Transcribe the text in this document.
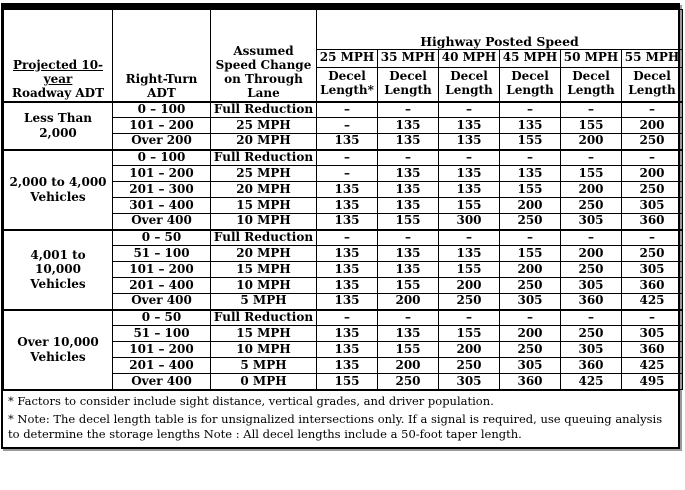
Projected 10-year
Roadway ADT	Right-Turn ADT	Assumed Speed Change on Through Lane	Highway Posted Speed					
			25 MPH	35 MPH	40 MPH	45 MPH	50 MPH	55 MPH
			Decel Length*	Decel Length	Decel Length	Decel Length	Decel Length	Decel Length
Less Than 2,000	0 – 100	Full Reduction	–	–	–	–	–	–
	101 – 200	25 MPH	–	135	135	135	155	200
	Over 200	20 MPH	135	135	135	155	200	250
2,000 to 4,000 Vehicles	0 – 100	Full Reduction	–	–	–	–	–	–
	101 – 200	25 MPH	–	135	135	135	155	200
	201 – 300	20 MPH	135	135	135	155	200	250
	301 – 400	15 MPH	135	135	155	200	250	305
	Over 400	10 MPH	135	155	300	250	305	360
4,001 to 10,000 Vehicles	0 – 50	Full Reduction	–	–	–	–	–	–
	51 – 100	20 MPH	135	135	135	155	200	250
	101 – 200	15 MPH	135	135	155	200	250	305
	201 – 400	10 MPH	135	155	200	250	305	360
	Over 400	5 MPH	135	200	250	305	360	425
Over 10,000 Vehicles	0 – 50	Full Reduction	–	–	–	–	–	–
	51 – 100	15 MPH	135	135	155	200	250	305
	101 – 200	10 MPH	135	155	200	250	305	360
	201 – 400	5 MPH	135	200	250	305	360	425
	Over 400	0 MPH	155	250	305	360	425	495

* Factors to consider include sight distance, vertical grades, and driver population.

* Note: The decel length table is for unsignalized intersections only. If a signal is required, use queuing analysis to determine the storage lengths Note : All decel lengths include a 50-foot taper length.
